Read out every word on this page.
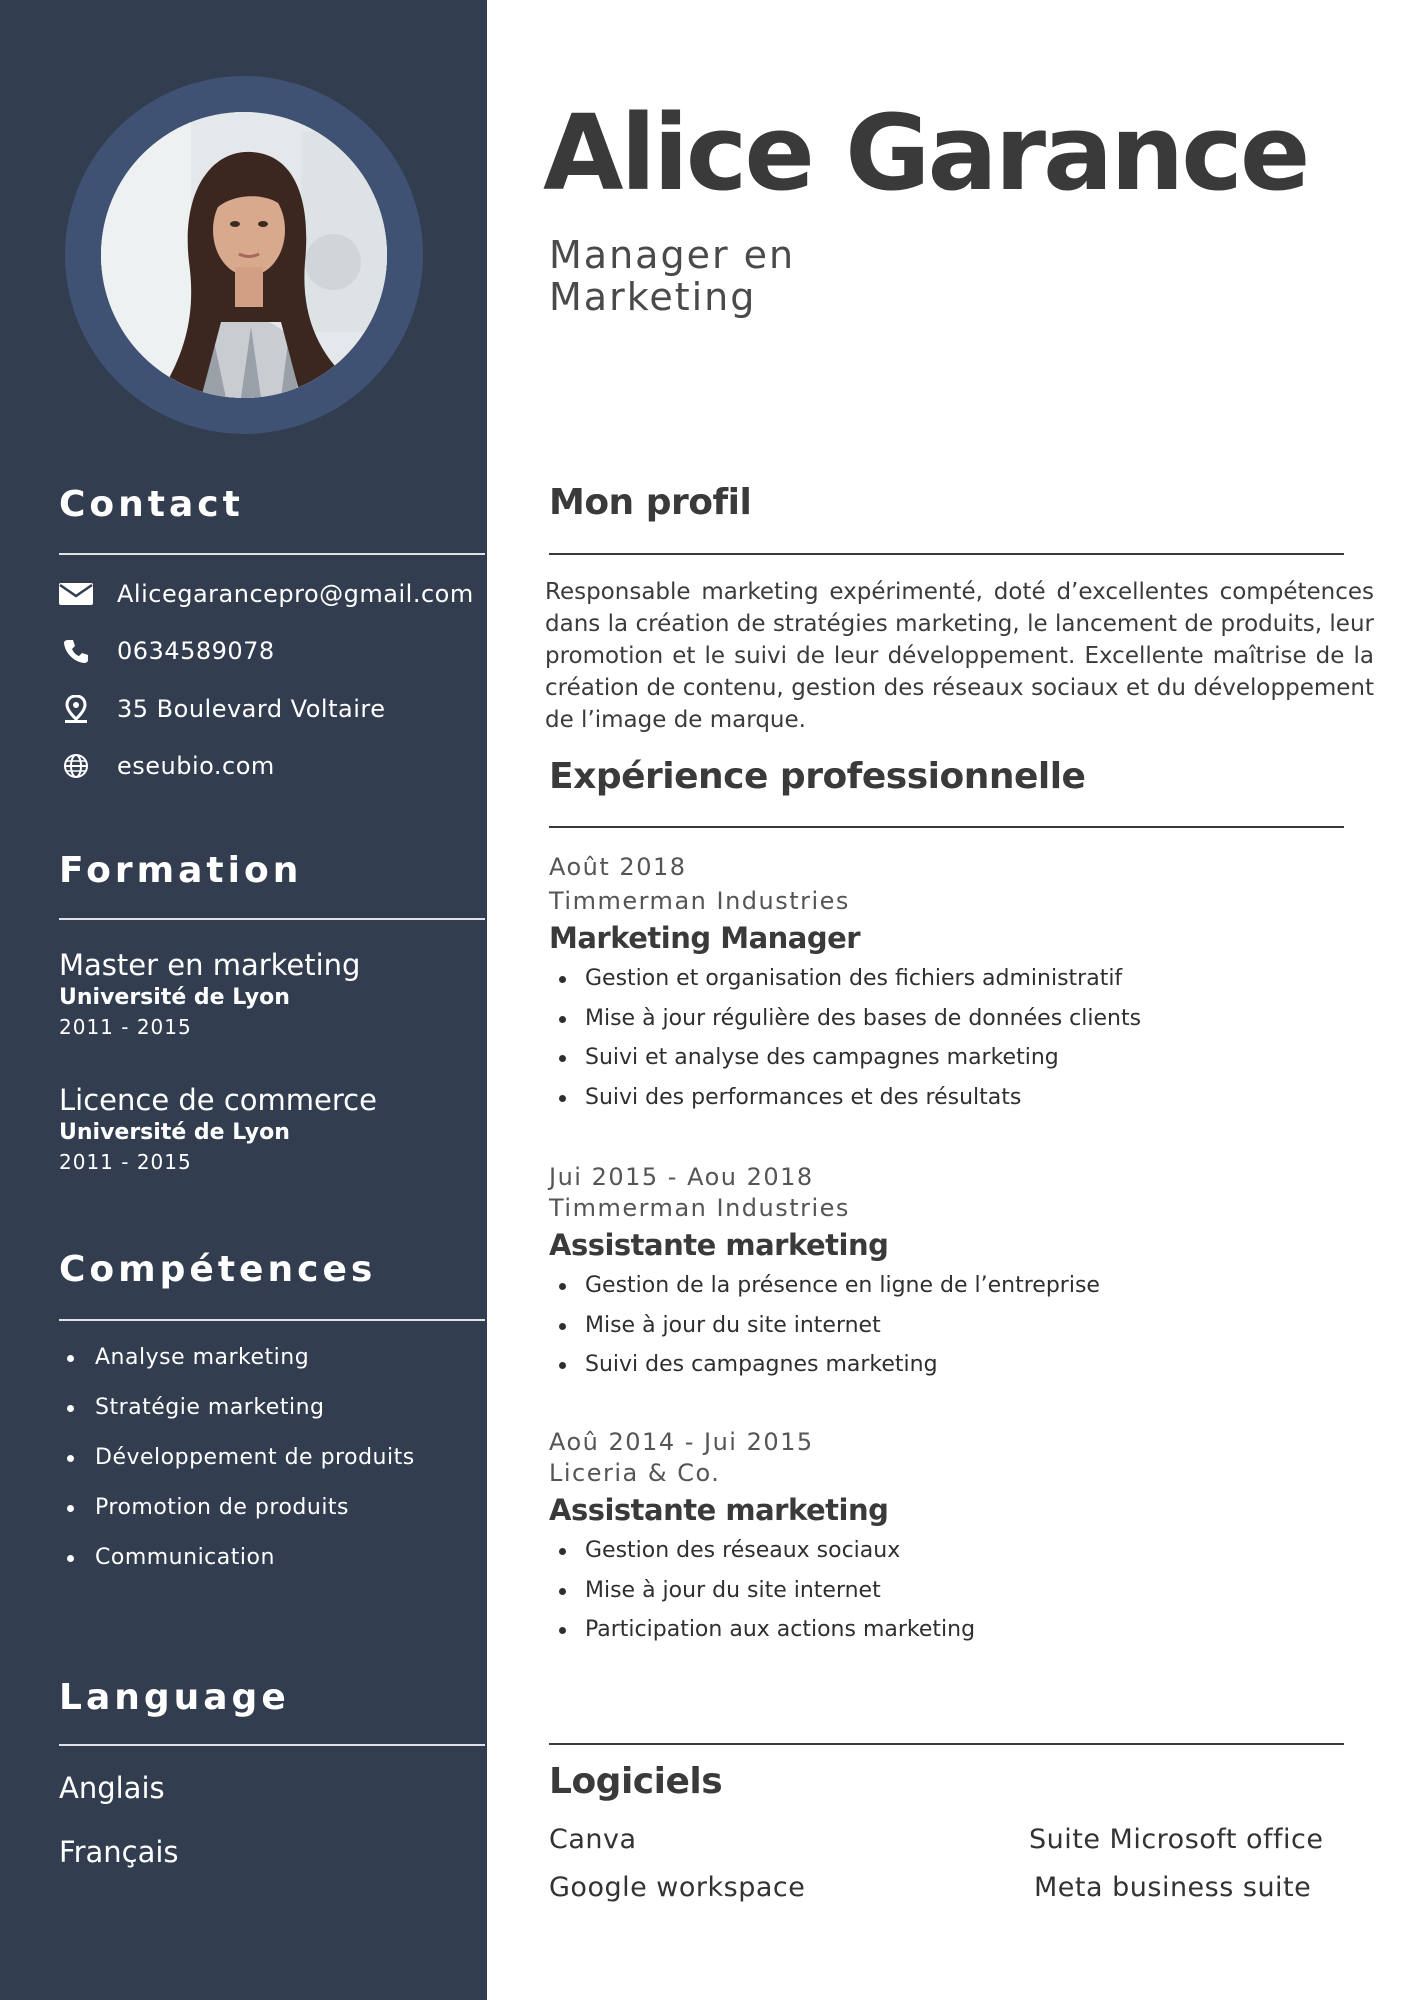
Contact
Alicegarancepro@gmail.com
0634589078
35 Boulevard Voltaire
eseubio.com
Formation
Master en marketing
Université de Lyon
2011 - 2015
Licence de commerce
Université de Lyon
2011 - 2015
Compétences
Analyse marketing
Stratégie marketing
Développement de produits
Promotion de produits
Communication
Language
Anglais
Français
Alice Garance
Manager en Marketing
Mon profil

Responsable marketing expérimenté, doté d’excellentes compétences dans la création de stratégies marketing, le lancement de produits, leur promotion et le suivi de leur développement. Excellente maîtrise de la création de contenu, gestion des réseaux sociaux et du développement de l’image de marque.

Expérience professionnelle
Août 2018
Timmerman Industries
Marketing Manager
Gestion et organisation des fichiers administratif
Mise à jour régulière des bases de données clients
Suivi et analyse des campagnes marketing
Suivi des performances et des résultats
Jui 2015 - Aou 2018
Timmerman Industries
Assistante marketing
Gestion de la présence en ligne de l’entreprise
Mise à jour du site internet
Suivi des campagnes marketing
Aoû 2014 - Jui 2015
Liceria & Co.
Assistante marketing
Gestion des réseaux sociaux
Mise à jour du site internet
Participation aux actions marketing
Logiciels
Canva	Suite Microsoft office
Google workspace	Meta business suite
